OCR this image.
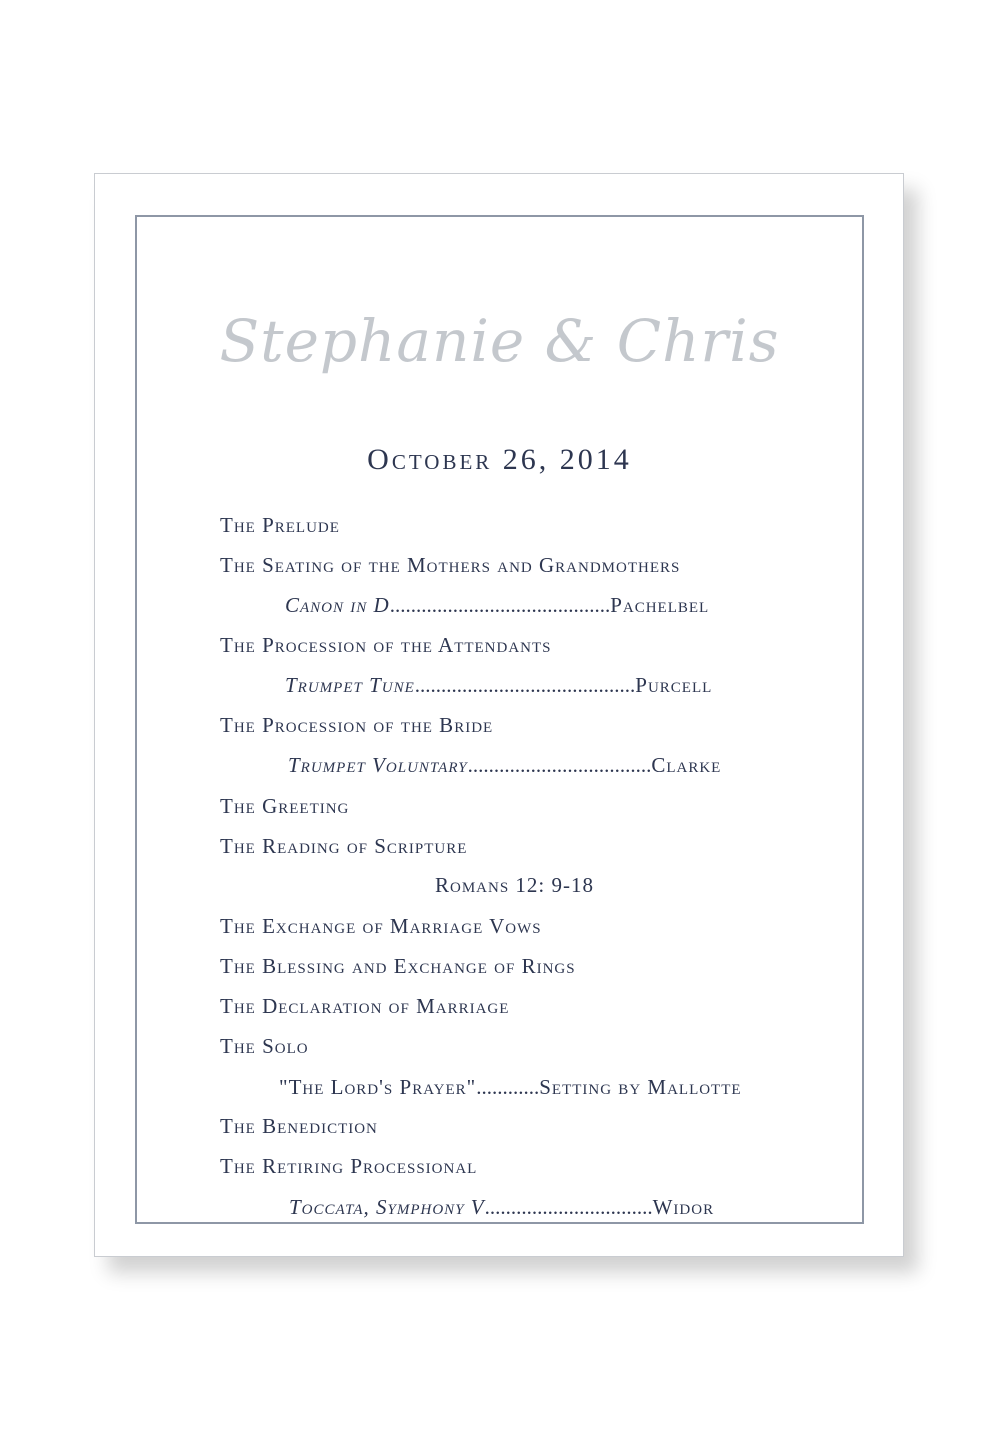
Stephanie & Chris
October 26, 2014
The Prelude
The Seating of the Mothers and Grandmothers
Canon in D..........................................Pachelbel
The Procession of the Attendants
Trumpet Tune..........................................Purcell
The Procession of the Bride
Trumpet Voluntary...................................Clarke
The Greeting
The Reading of Scripture
Romans 12: 9-18
The Exchange of Marriage Vows
The Blessing and Exchange of Rings
The Declaration of Marriage
The Solo
"The Lord's Prayer"............Setting by Mallotte
The Benediction
The Retiring Processional
Toccata, Symphony V................................Widor
